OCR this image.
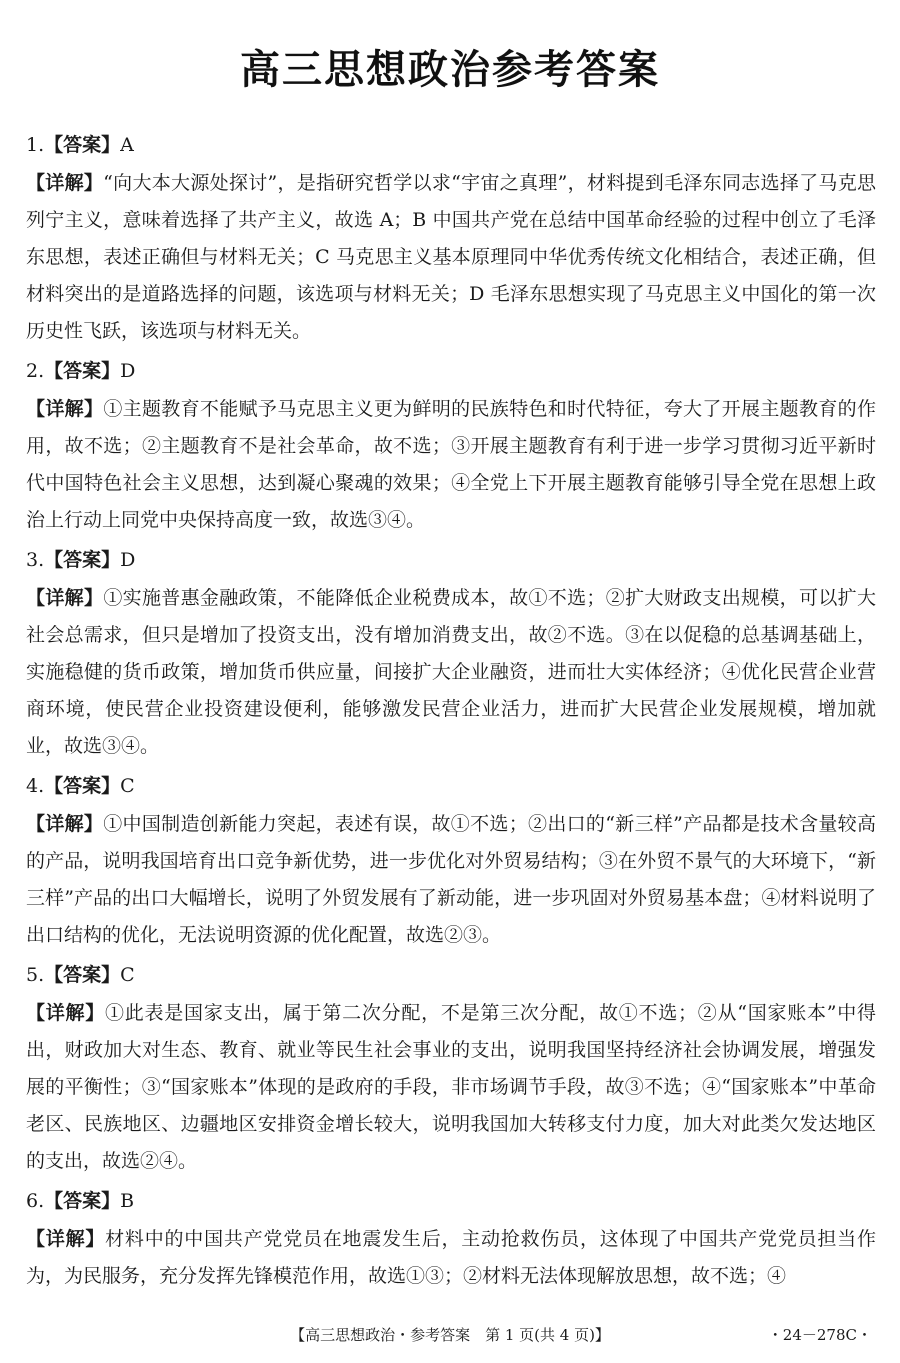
高三思想政治参考答案
1.【答案】A

【详解】“向大本大源处探讨”，是指研究哲学以求“宇宙之真理”，材料提到毛泽东同志选择了马克思列宁主义，意味着选择了共产主义，故选 A；B 中国共产党在总结中国革命经验的过程中创立了毛泽东思想，表述正确但与材料无关；C 马克思主义基本原理同中华优秀传统文化相结合，表述正确，但材料突出的是道路选择的问题，该选项与材料无关；D 毛泽东思想实现了马克思主义中国化的第一次历史性飞跃，该选项与材料无关。

2.【答案】D

【详解】①主题教育不能赋予马克思主义更为鲜明的民族特色和时代特征，夸大了开展主题教育的作用，故不选；②主题教育不是社会革命，故不选；③开展主题教育有利于进一步学习贯彻习近平新时代中国特色社会主义思想，达到凝心聚魂的效果；④全党上下开展主题教育能够引导全党在思想上政治上行动上同党中央保持高度一致，故选③④。

3.【答案】D

【详解】①实施普惠金融政策，不能降低企业税费成本，故①不选；②扩大财政支出规模，可以扩大社会总需求，但只是增加了投资支出，没有增加消费支出，故②不选。③在以促稳的总基调基础上，实施稳健的货币政策，增加货币供应量，间接扩大企业融资，进而壮大实体经济；④优化民营企业营商环境，使民营企业投资建设便利，能够激发民营企业活力，进而扩大民营企业发展规模，增加就业，故选③④。

4.【答案】C

【详解】①中国制造创新能力突起，表述有误，故①不选；②出口的“新三样”产品都是技术含量较高的产品，说明我国培育出口竞争新优势，进一步优化对外贸易结构；③在外贸不景气的大环境下，“新三样”产品的出口大幅增长，说明了外贸发展有了新动能，进一步巩固对外贸易基本盘；④材料说明了出口结构的优化，无法说明资源的优化配置，故选②③。

5.【答案】C

【详解】①此表是国家支出，属于第二次分配，不是第三次分配，故①不选；②从“国家账本”中得出，财政加大对生态、教育、就业等民生社会事业的支出，说明我国坚持经济社会协调发展，增强发展的平衡性；③“国家账本”体现的是政府的手段，非市场调节手段，故③不选；④“国家账本”中革命老区、民族地区、边疆地区安排资金增长较大，说明我国加大转移支付力度，加大对此类欠发达地区的支出，故选②④。

6.【答案】B

【详解】材料中的中国共产党党员在地震发生后，主动抢救伤员，这体现了中国共产党党员担当作为，为民服务，充分发挥先锋模范作用，故选①③；②材料无法体现解放思想，故不选；④

【高三思想政治・参考答案　第 1 页(共 4 页)】	・24－278C・
